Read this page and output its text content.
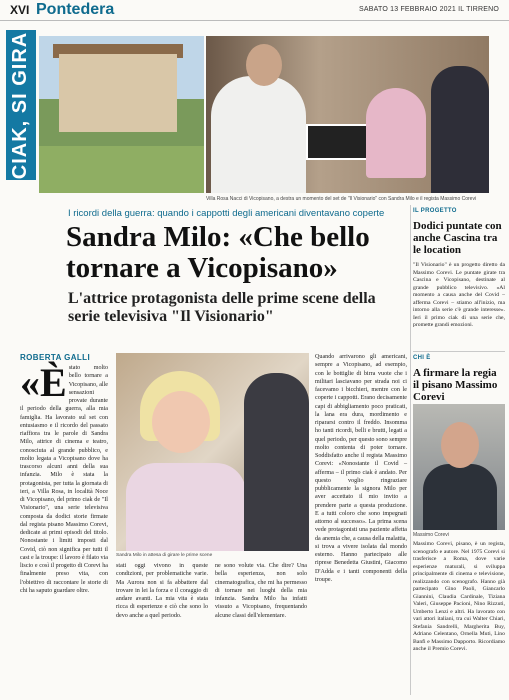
XVI Pontedera	SABATO 13 FEBBRAIO 2021 IL TIRRENO
CIAK, SI GIRA
Villa Rosa Nacci di Vicopisano, a destra un momento del set de "Il Visionario" con Sandra Milo e il regista Massimo Corevi
I ricordi della guerra: quando i cappotti degli americani diventavano coperte
Sandra Milo: «Che bello tornare a Vicopisano»
L'attrice protagonista delle prime scene della serie televisiva "Il Visionario"
ROBERTA GALLI
«È stato molto bello tornare a Vicopisano, alle sensazioni provate durante il periodo della guerra, alla mia famiglia. Ha lavorato sul set con entusiasmo e il ricordo del passato riaffiora tra le parole di Sandra Milo, attrice di cinema e teatro, conosciuta al grande pubblico, e molto legata a Vicopisano dove ha trascorso alcuni anni della sua infanzia. Milo è stata la protagonista, per tutta la giornata di ieri, a Villa Rosa, in località Noce di Vicopisano, del primo ciak de "Il Visionario", una serie televisiva composta da dodici storie firmate dal regista pisano Massimo Corevi, dedicate ai primi episodi del titolo. Nonostante i limiti imposti dal Covid, ciò non significa per tutti il cast e la troupe: il lavoro è filato via liscio e così il progetto di Corevi ha finalmente preso vita, con l'obiettivo di raccontare le storie di chi ha saputo guardare oltre.
Sandra Milo in attesa di girare le prime scene
stati oggi vivono in queste condizioni, per problematiche varie. Ma Aurora non si fa abbattere dal trovare in lei la forza e il coraggio di andare avanti. La mia vita è stata ricca di esperienze e ciò che sono lo devo anche a quel periodo.
ne sono volute via. Che dire? Una bella esperienza, non solo cinematografica, che mi ha permesso di tornare nei luoghi della mia infanzia. Sandra Milo ha infatti vissuto a Vicopisano, frequentando alcune classi dell'elementare.
Quando arrivarono gli americani, sempre a Vicopisano, ad esempio, con le bottiglie di birra vuote che i militari lasciavano per strada noi ci facevamo i bicchieri, mentre con le coperte i cappotti. Erano decisamente capi di abbigliamento poco praticati, la lana era dura, mordimento e ripararsi contro il freddo. Insomma ho tanti ricordi, belli e brutti, legati a quel periodo, per questo sono sempre molto contenta di poter tornare. Soddisfatto anche il regista Massimo Corevi: «Nonostante il Covid – afferma – il primo ciak è andato. Per questo voglio ringraziare pubblicamente la signora Milo per aver accettato il mio invito a prendere parte a questa produzione. E a tutti coloro che sono impegnati attorno al successo». La prima scena vede protagonisti una paziente affetta da anemia che, a causa della malattia, si trova a vivere isolata dal mondo esterno. Hanno partecipato alle riprese Benedetta Giustini, Giacomo D'Adda e i tanti componenti della troupe.
IL PROGETTO
Dodici puntate con anche Cascina tra le location
"Il Visionario" è un progetto diretto da Massimo Corevi. Le puntate girate tra Cascina e Vicopisano, destinate al grande pubblico televisivo. «Al momento a causa anche del Covid – afferma Corevi – stiamo all'inizio, ma intorno alla serie c'è grande interesse». Ieri il primo ciak di una serie che, promette grandi emozioni.
CHI È
A firmare la regia il pisano Massimo Corevi
Massimo Corevi
Massimo Corevi, pisano, è un regista, scenografo e autore. Nel 1975 Corevi si trasferisce a Roma, dove varie esperienze maturali, si sviluppa principalmente di cinema e televisione, realizzando con scenografo. Hanno già partecipato Gino Paoli, Giancarlo Giannini, Claudia Cardinale, Tiziana Valeri, Giuseppe Pacioni, Nino Rizzuti, Umberto Lenzi e altri. Ha lavorato con vari attori italiani, tra cui Walter Chiari, Stefania Sandrelli, Margherita Buy, Adriano Celentano, Ornella Muti, Lino Banfi e Massimo Dapporto. Ricordiamo anche il Premio Corevi.
